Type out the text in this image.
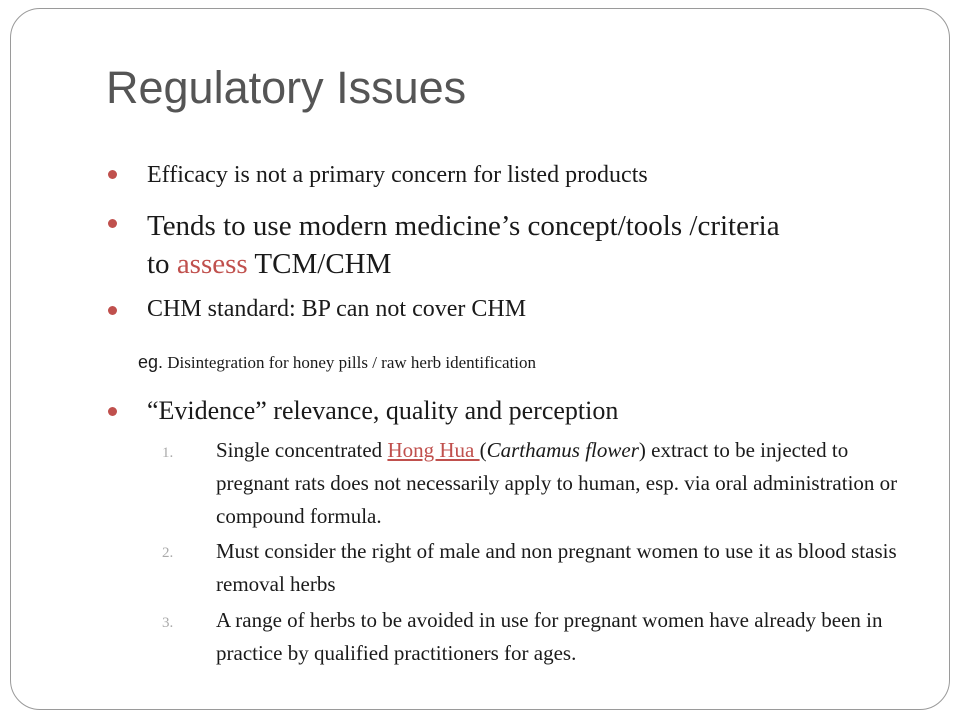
Regulatory Issues
Efficacy is not a primary concern for listed products
Tends to use modern medicine’s concept/tools /criteria
to assess TCM/CHM
CHM standard: BP can not cover CHM
eg. Disintegration for honey pills / raw herb identification
“Evidence” relevance, quality and perception
1. Single concentrated Hong Hua (Carthamus flower) extract to be injected to pregnant rats does not necessarily apply to human, esp. via oral administration or compound formula.
2. Must consider the right of male and non pregnant women to use it as blood stasis removal herbs
3. A range of herbs to be avoided in use for pregnant women have already been in practice by qualified practitioners for ages.
